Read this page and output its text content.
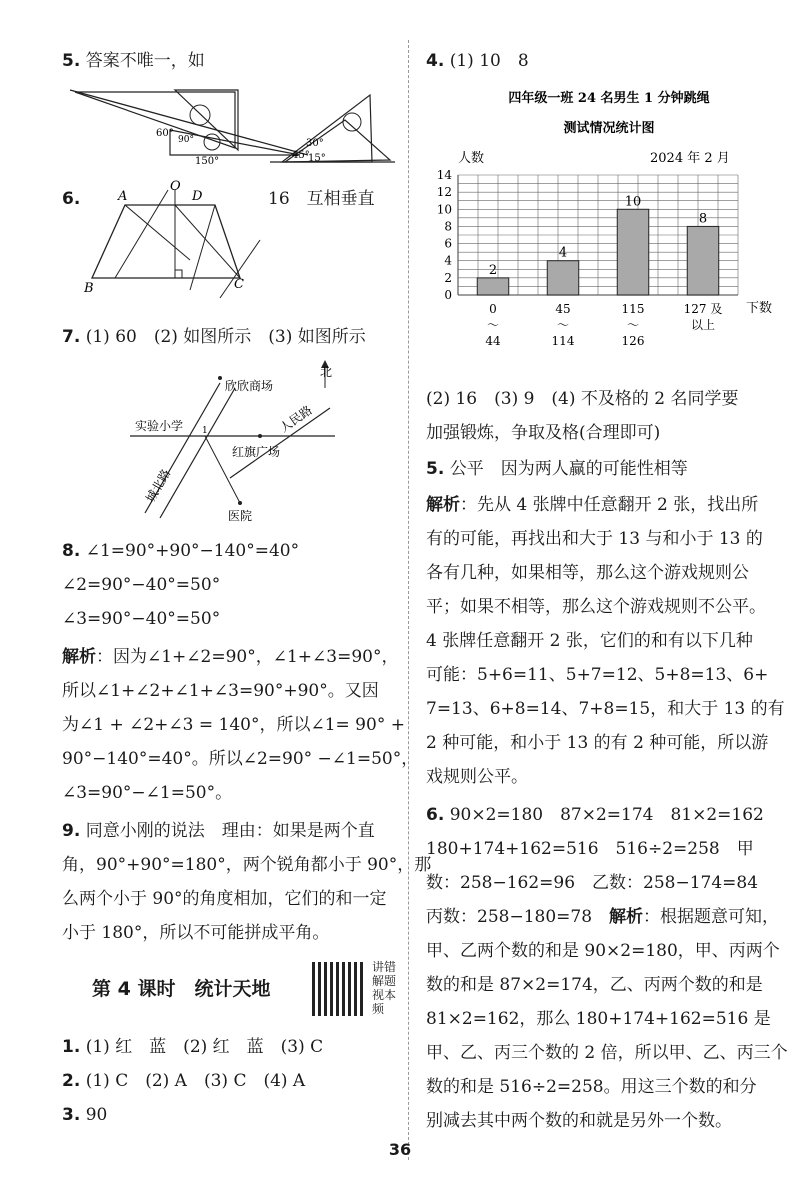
5. 答案不唯一，如
60°
90°
150°
30°
45°
15°
6.	16　互相垂直
A
O
D
B	C
7. (1) 60　(2) 如图所示　(3) 如图所示
北
欣欣商场
人民路
实验小学 1
红旗广场
城北路
医院
8. ∠1=90°+90°−140°=40°
∠2=90°−40°=50°
∠3=90°−40°=50°
解析：因为∠1+∠2=90°，∠1+∠3=90°，
所以∠1+∠2+∠1+∠3=90°+90°。又因
为∠1 + ∠2+∠3 = 140°，所以∠1= 90° +
90°−140°=40°。所以∠2=90° −∠1=50°，
∠3=90°−∠1=50°。
9. 同意小刚的说法　理由：如果是两个直
角，90°+90°=180°，两个锐角都小于 90°，那
么两个小于 90°的角度相加，它们的和一定
小于 180°，所以不可能拼成平角。
第 4 课时　统计天地
讲错
解题
视本
频
1. (1) 红　蓝　(2) 红　蓝　(3) C
2. (1) C　(2) A　(3) C　(4) A
3. 90
4. (1) 10　8
四年级一班 24 名男生 1 分钟跳绳
测试情况统计图
人数	2024 年 2 月
下数
2
4
10
8
0
2
4
6
8
10
12
14
0
～
44
45
～
114
115
～
126
127 及
以上
(2) 16　(3) 9　(4) 不及格的 2 名同学要
加强锻炼，争取及格(合理即可)
5. 公平　因为两人赢的可能性相等
解析：先从 4 张牌中任意翻开 2 张，找出所
有的可能，再找出和大于 13 与和小于 13 的
各有几种，如果相等，那么这个游戏规则公
平；如果不相等，那么这个游戏规则不公平。
4 张牌任意翻开 2 张，它们的和有以下几种
可能：5+6=11、5+7=12、5+8=13、6+
7=13、6+8=14、7+8=15，和大于 13 的有
2 种可能，和小于 13 的有 2 种可能，所以游
戏规则公平。
6. 90×2=180　87×2=174　81×2=162
180+174+162=516　516÷2=258　甲
数：258−162=96　乙数：258−174=84
丙数：258−180=78　解析：根据题意可知，
甲、乙两个数的和是 90×2=180，甲、丙两个
数的和是 87×2=174，乙、丙两个数的和是
81×2=162，那么 180+174+162=516 是
甲、乙、丙三个数的 2 倍，所以甲、乙、丙三个
数的和是 516÷2=258。用这三个数的和分
别减去其中两个数的和就是另外一个数。
36
